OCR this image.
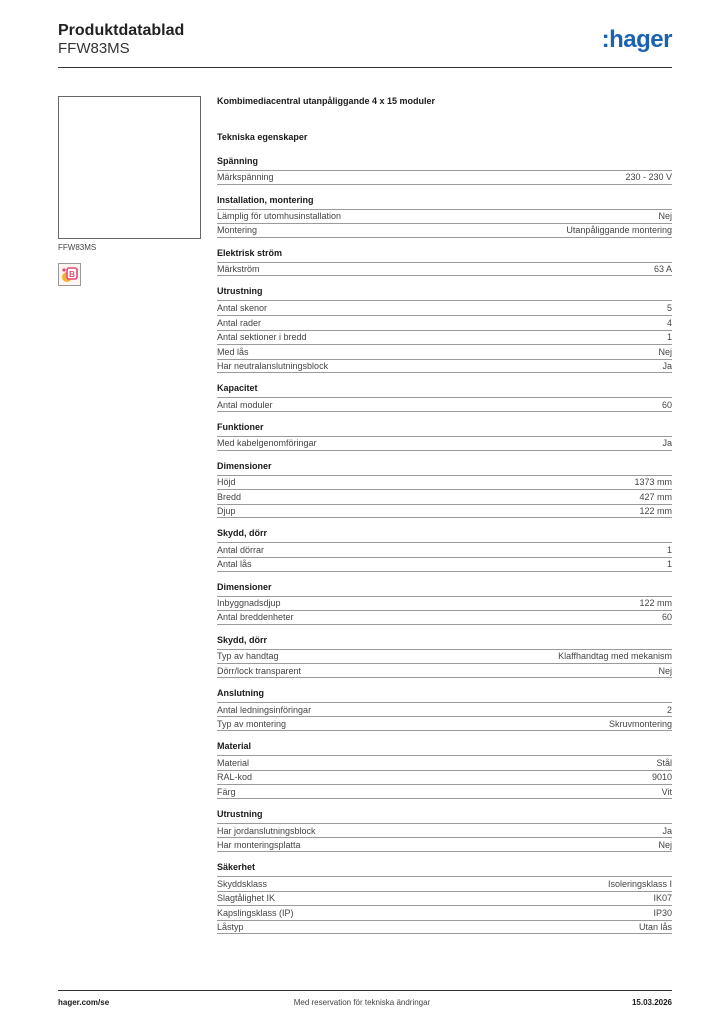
Produktdatablad
FFW83MS	:hager
FFW83MS
B
Kombimediacentral utanpåliggande 4 x 15 moduler
Tekniska egenskaper
Spänning
Märkspänning	230 - 230 V
Installation, montering
Lämplig för utomhusinstallation	Nej
Montering	Utanpåliggande montering
Elektrisk ström
Märkström	63 A
Utrustning
Antal skenor	5
Antal rader	4
Antal sektioner i bredd	1
Med lås	Nej
Har neutralanslutningsblock	Ja
Kapacitet
Antal moduler	60
Funktioner
Med kabelgenomföringar	Ja
Dimensioner
Höjd	1373 mm
Bredd	427 mm
Djup	122 mm
Skydd, dörr
Antal dörrar	1
Antal lås	1
Dimensioner
Inbyggnadsdjup	122 mm
Antal breddenheter	60
Skydd, dörr
Typ av handtag	Klaffhandtag med mekanism
Dörr/lock transparent	Nej
Anslutning
Antal ledningsinföringar	2
Typ av montering	Skruvmontering
Material
Material	Stål
RAL-kod	9010
Färg	Vit
Utrustning
Har jordanslutningsblock	Ja
Har monteringsplatta	Nej
Säkerhet
Skyddsklass	Isoleringsklass I
Slagtålighet IK	IK07
Kapslingsklass (IP)	IP30
Låstyp	Utan lås
hager.com/se	Med reservation för tekniska ändringar	15.03.2026
